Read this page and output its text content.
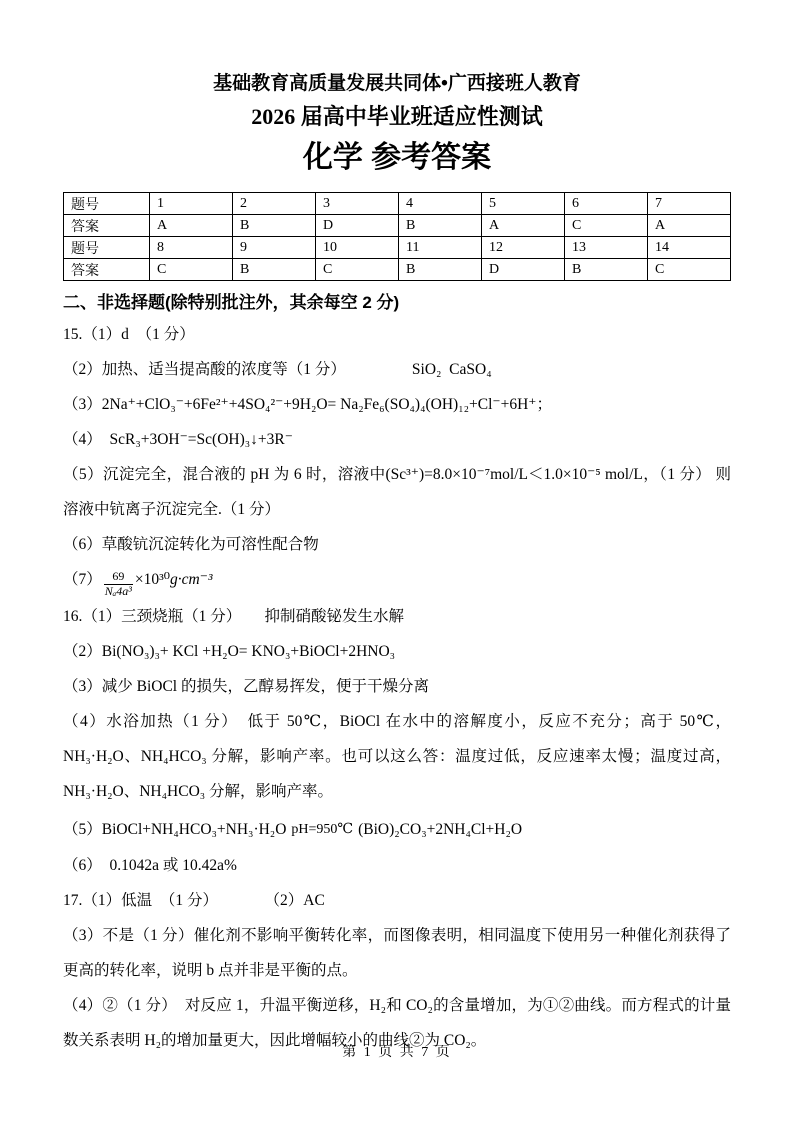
基础教育高质量发展共同体•广西接班人教育
2026 届高中毕业班适应性测试
化学 参考答案
题号	1	2	3	4	5	6	7
答案	A	B	D	B	A	C	A
题号	8	9	10	11	12	13	14
答案	C	B	C	B	D	B	C
二、非选择题(除特别批注外，其余每空 2 分)

15.（1）d　（1 分）

（2）加热、适当提高酸的浓度等（1 分）	SiO₂  CaSO₄

（3）2Na⁺+ClO₃⁻+6Fe²⁺+4SO₄²⁻+9H₂O= Na₂Fe₆(SO₄)₄(OH)₁₂+Cl⁻+6H⁺；

（4）　ScR₃+3OH⁻=Sc(OH)₃↓+3R⁻

（5）沉淀完全，混合液的 pH 为 6 时，溶液中(Sc³⁺)=8.0×10⁻⁷mol/L＜1.0×10⁻⁵ mol/L，（1 分） 则溶液中钪离子沉淀完全.（1 分）

（6）草酸钪沉淀转化为可溶性配合物

$(7) \frac{69}{\text{Nₐ4a³}} \times 10^{30}g\cdot cm^{-3}$

16.（1）三颈烧瓶（1 分）　　抑制硝酸铋发生水解

（2）Bi(NO₃)₃+ KCl +H₂O= KNO₃+BiOCl+2HNO₃

（3）减少 BiOCl 的损失，乙醇易挥发，便于干燥分离

（4）水浴加热（1 分）　低于 50℃，BiOCl 在水中的溶解度小，反应不充分；高于 50℃，NH₃·H₂O、NH₄HCO₃ 分解，影响产率。也可以这么答：温度过低，反应速率太慢；温度过高，NH₃·H₂O、NH₄HCO₃ 分解，影响产率。

（5）BiOCl+NH₄HCO₃+NH₃·H₂O pH=950℃ (BiO)₂CO₃+2NH₄Cl+H₂O

（6）　0.1042a 或 10.42a%

17.（1）低温　（1 分）　　　　（2）AC

（3）不是（1 分）催化剂不影响平衡转化率，而图像表明，相同温度下使用另一种催化剂获得了更高的转化率，说明 b 点并非是平衡的点。

（4）②（1 分）　对反应 1，升温平衡逆移，H₂和 CO₂的含量增加，为①②曲线。而方程式的计量数关系表明 H₂的增加量更大，因此增幅较小的曲线②为 CO₂。

第 1 页 共 7 页
